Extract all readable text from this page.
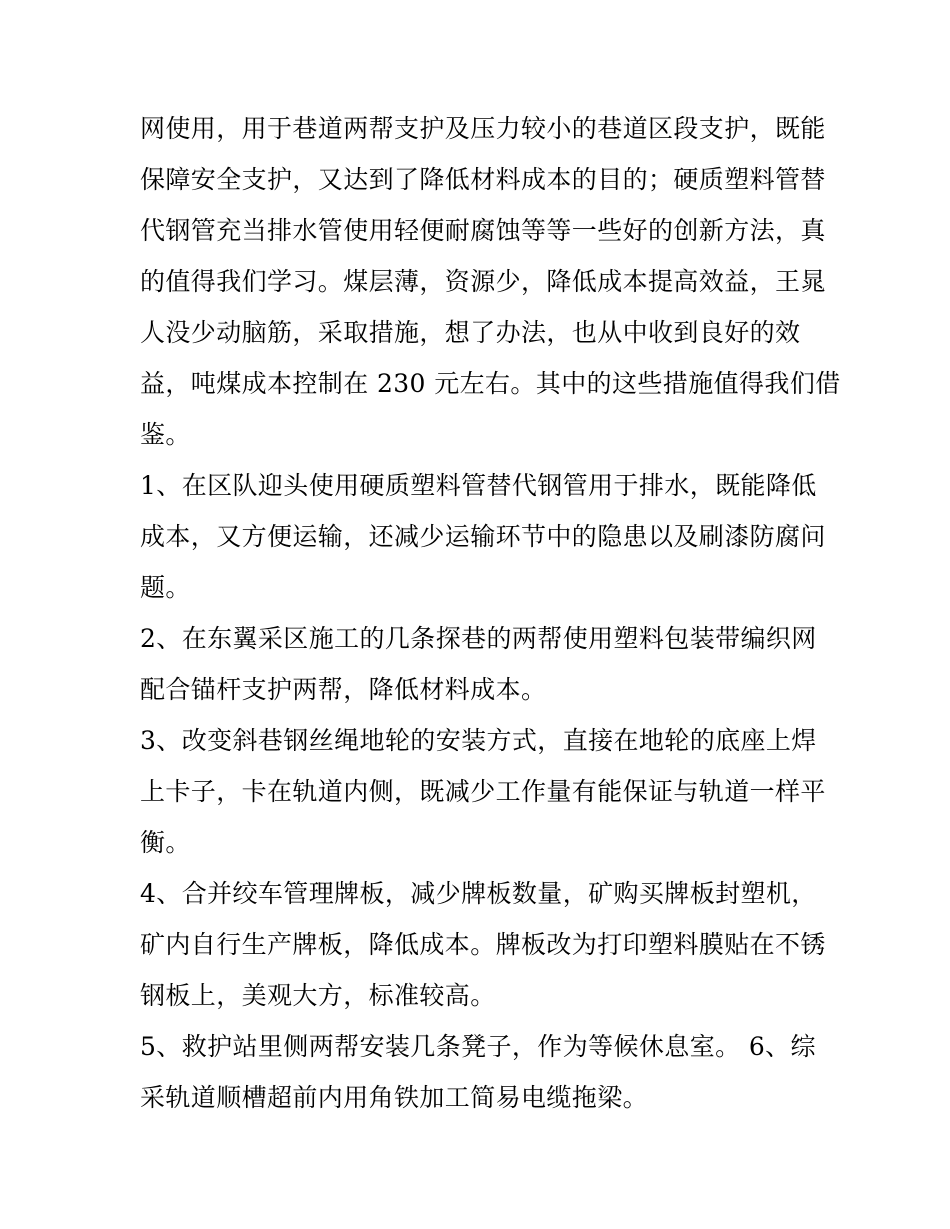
网使用，用于巷道两帮支护及压力较小的巷道区段支护，既能
保障安全支护，又达到了降低材料成本的目的；硬质塑料管替
代钢管充当排水管使用轻便耐腐蚀等等一些好的创新方法，真
的值得我们学习。煤层薄，资源少，降低成本提高效益，王晁
人没少动脑筋，采取措施，想了办法，也从中收到良好的效
益，吨煤成本控制在 230 元左右。其中的这些措施值得我们借
鉴。
1、在区队迎头使用硬质塑料管替代钢管用于排水，既能降低
成本，又方便运输，还减少运输环节中的隐患以及刷漆防腐问
题。
2、在东翼采区施工的几条探巷的两帮使用塑料包装带编织网
配合锚杆支护两帮，降低材料成本。
3、改变斜巷钢丝绳地轮的安装方式，直接在地轮的底座上焊
上卡子，卡在轨道内侧，既减少工作量有能保证与轨道一样平
衡。
4、合并绞车管理牌板，减少牌板数量，矿购买牌板封塑机，
矿内自行生产牌板，降低成本。牌板改为打印塑料膜贴在不锈
钢板上，美观大方，标准较高。
5、救护站里侧两帮安装几条凳子，作为等候休息室。 6、综
采轨道顺槽超前内用角铁加工简易电缆拖梁。
